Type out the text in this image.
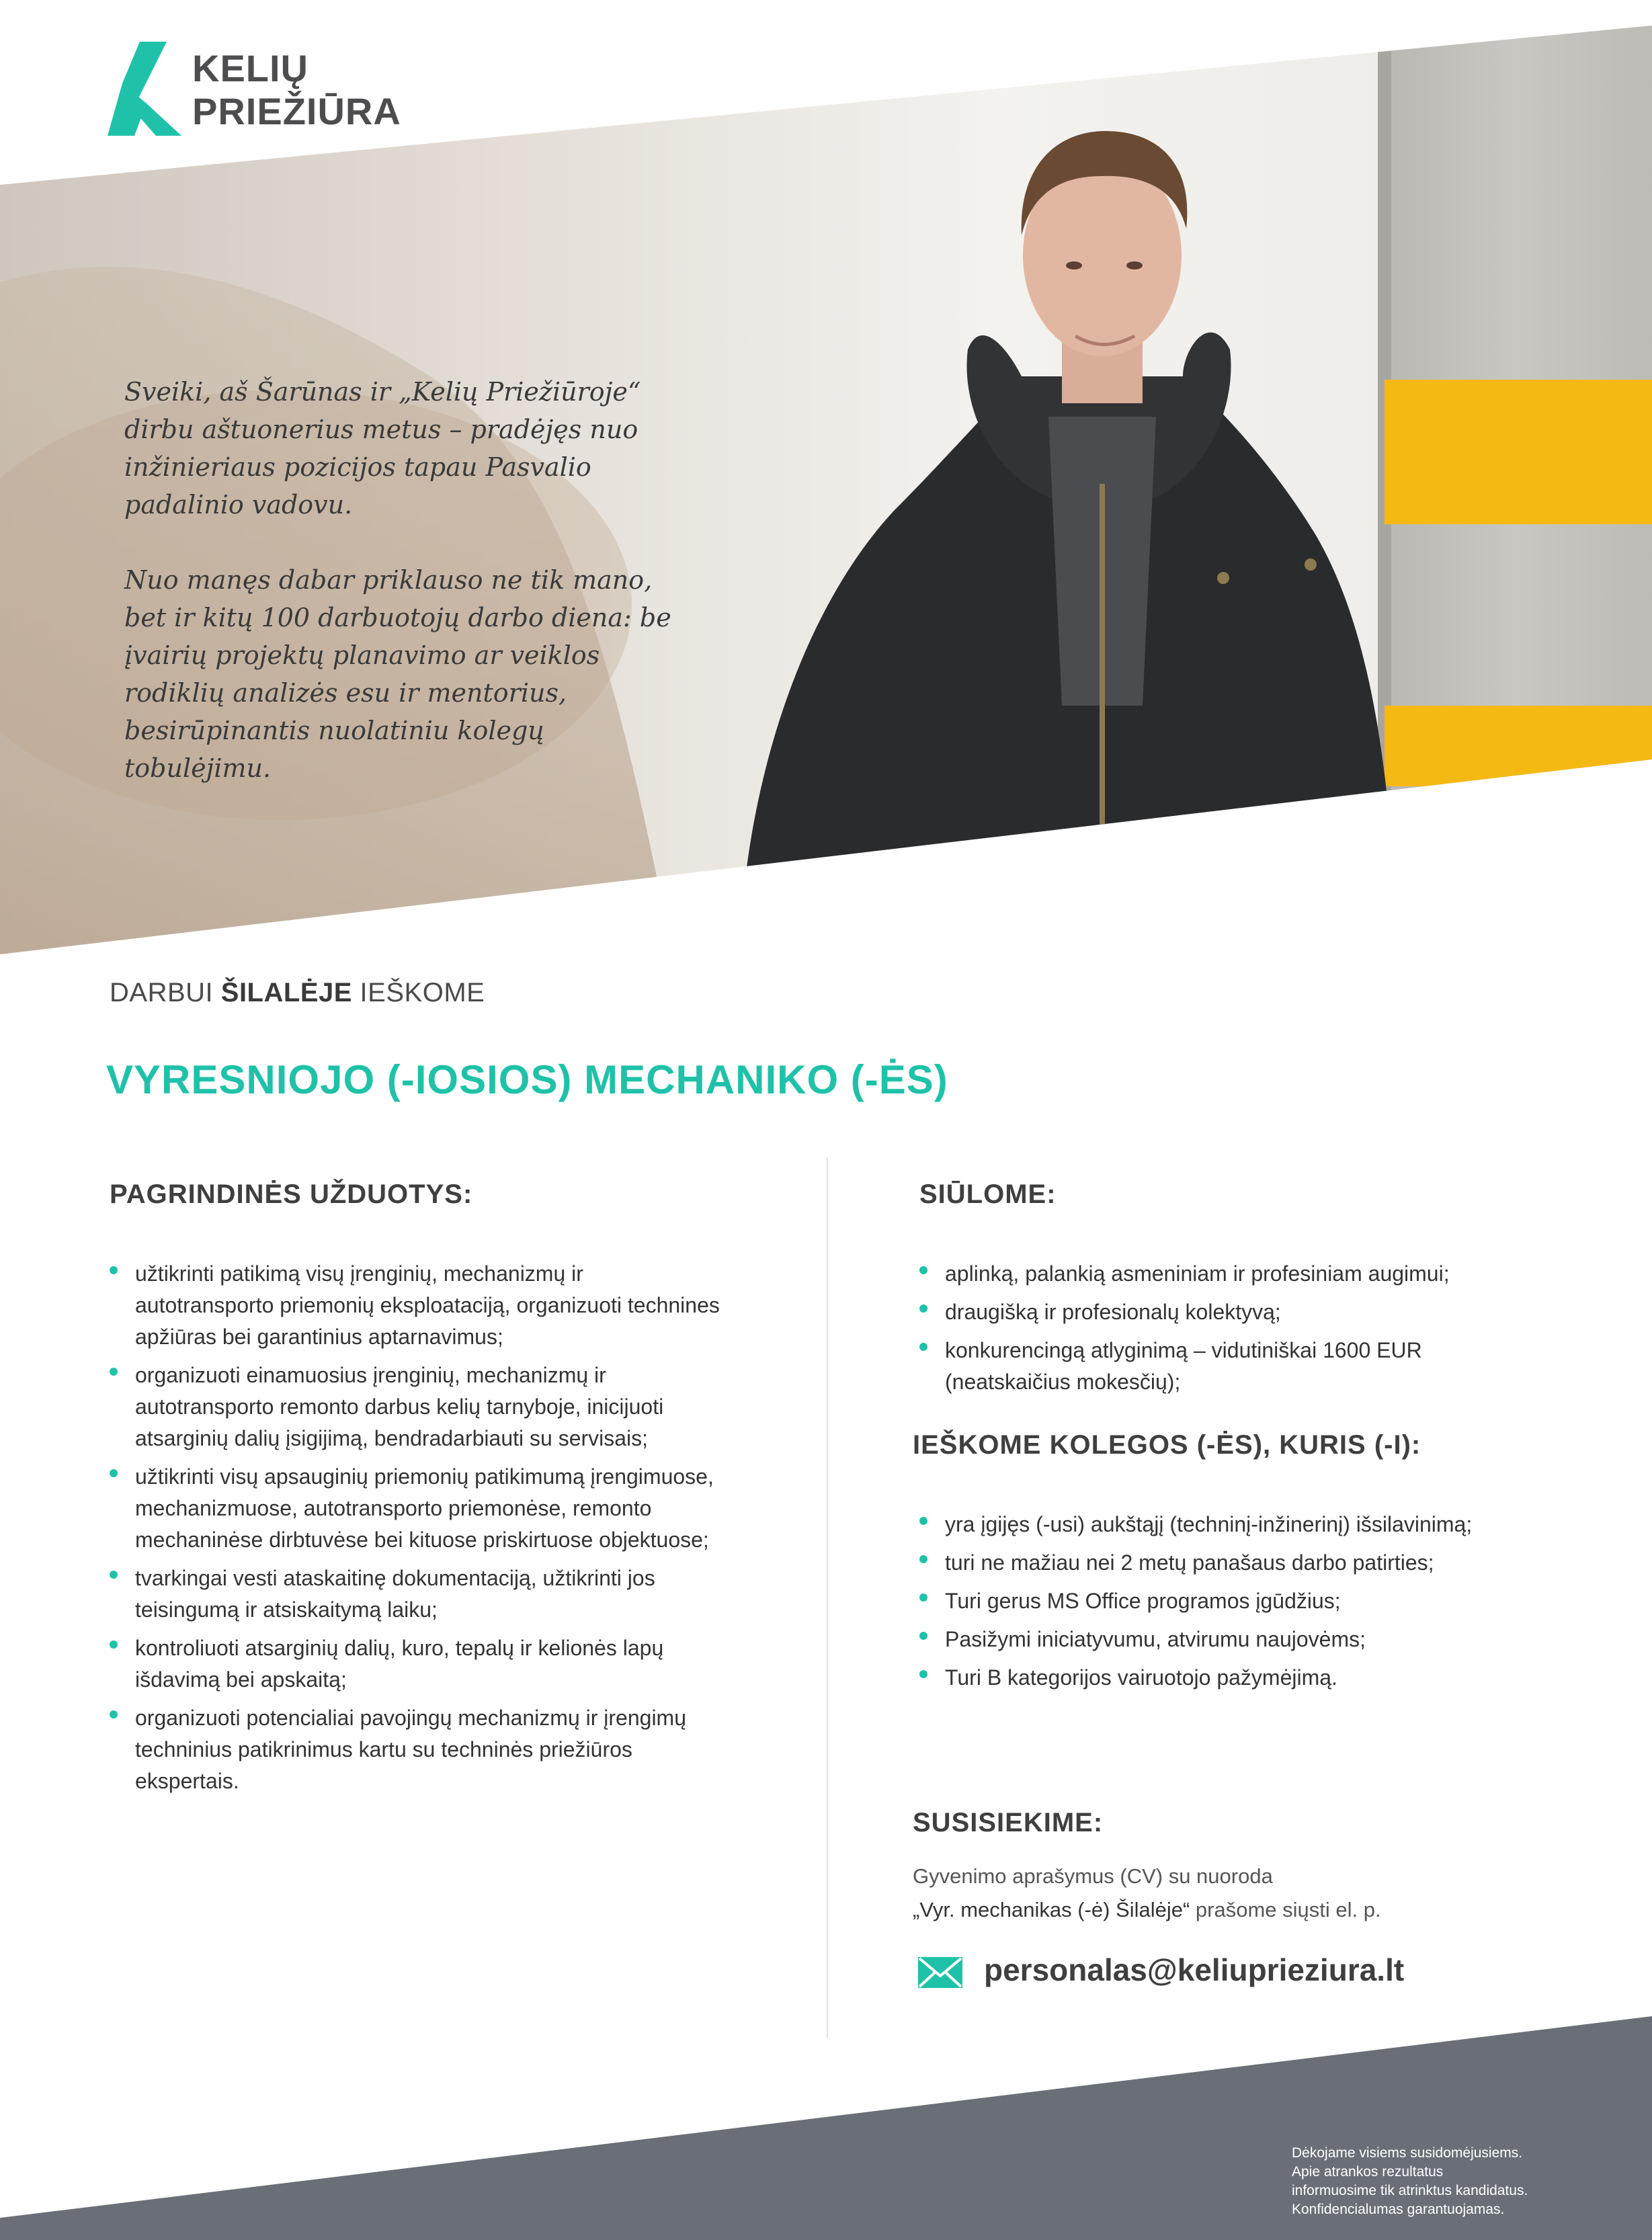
KELIŲ
PRIEŽIŪRA

Sveiki, aš Šarūnas ir „Kelių Priežiūroje“ dirbu aštuonerius metus – pradėjęs nuo inžinieriaus pozicijos tapau Pasvalio padalinio vadovu.

Nuo manęs dabar priklauso ne tik mano, bet ir kitų 100 darbuotojų darbo diena: be įvairių projektų planavimo ar veiklos rodiklių analizės esu ir mentorius, besirūpinantis nuolatiniu kolegų tobulėjimu.

DARBUI ŠILALĖJE IEŠKOME
VYRESNIOJO (-IOSIOS) MECHANIKO (-ĖS)
PAGRINDINĖS UŽDUOTYS:
užtikrinti patikimą visų įrenginių, mechanizmų ir autotransporto priemonių eksploataciją, organizuoti technines apžiūras bei garantinius aptarnavimus;
organizuoti einamuosius įrenginių, mechanizmų ir autotransporto remonto darbus kelių tarnyboje, inicijuoti atsarginių dalių įsigijimą, bendradarbiauti su servisais;
užtikrinti visų apsauginių priemonių patikimumą įrengimuose, mechanizmuose, autotransporto priemonėse, remonto mechaninėse dirbtuvėse bei kituose priskirtuose objektuose;
tvarkingai vesti ataskaitinę dokumentaciją, užtikrinti jos teisingumą ir atsiskaitymą laiku;
kontroliuoti atsarginių dalių, kuro, tepalų ir kelionės lapų išdavimą bei apskaitą;
organizuoti potencialiai pavojingų mechanizmų ir įrengimų techninius patikrinimus kartu su techninės priežiūros ekspertais.
SIŪLOME:
aplinką, palankią asmeniniam ir profesiniam augimui;
draugišką ir profesionalų kolektyvą;
konkurencingą atlyginimą – vidutiniškai 1600 EUR (neatskaičius mokesčių);
IEŠKOME KOLEGOS (-ĖS), KURIS (-I):
yra įgijęs (-usi) aukštąjį (techninį-inžinerinį) išsilavinimą;
turi ne mažiau nei 2 metų panašaus darbo patirties;
Turi gerus MS Office programos įgūdžius;
Pasižymi iniciatyvumu, atvirumu naujovėms;
Turi B kategorijos vairuotojo pažymėjimą.
SUSISIEKIME:
Gyvenimo aprašymus (CV) su nuoroda
„Vyr. mechanikas (-ė) Šilalėje“ prašome siųsti el. p.
personalas@keliuprieziura.lt
Dėkojame visiems susidomėjusiems.
Apie atrankos rezultatus
informuosime tik atrinktus kandidatus.
Konfidencialumas garantuojamas.
